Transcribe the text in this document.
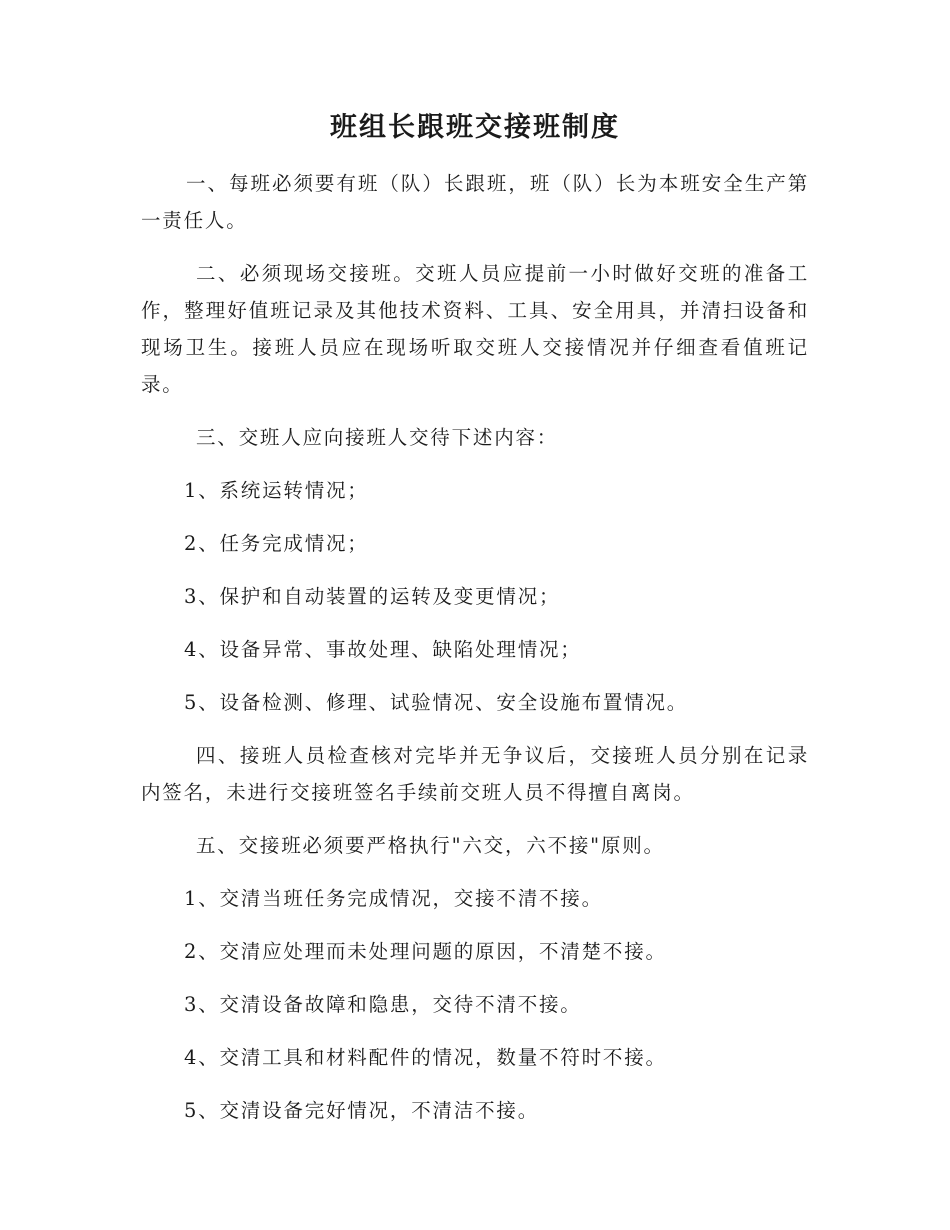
班组长跟班交接班制度

一、每班必须要有班（队）长跟班，班（队）长为本班安全生产第一责任人。

二、必须现场交接班。交班人员应提前一小时做好交班的准备工作，整理好值班记录及其他技术资料、工具、安全用具，并清扫设备和现场卫生。接班人员应在现场听取交班人交接情况并仔细查看值班记录。

三、交班人应向接班人交待下述内容：

1、系统运转情况；

2、任务完成情况；

3、保护和自动装置的运转及变更情况；

4、设备异常、事故处理、缺陷处理情况；

5、设备检测、修理、试验情况、安全设施布置情况。

四、接班人员检查核对完毕并无争议后，交接班人员分别在记录内签名，未进行交接班签名手续前交班人员不得擅自离岗。

五、交接班必须要严格执行"六交，六不接"原则。

1、交清当班任务完成情况，交接不清不接。

2、交清应处理而未处理问题的原因，不清楚不接。

3、交清设备故障和隐患，交待不清不接。

4、交清工具和材料配件的情况，数量不符时不接。

5、交清设备完好情况，不清洁不接。
